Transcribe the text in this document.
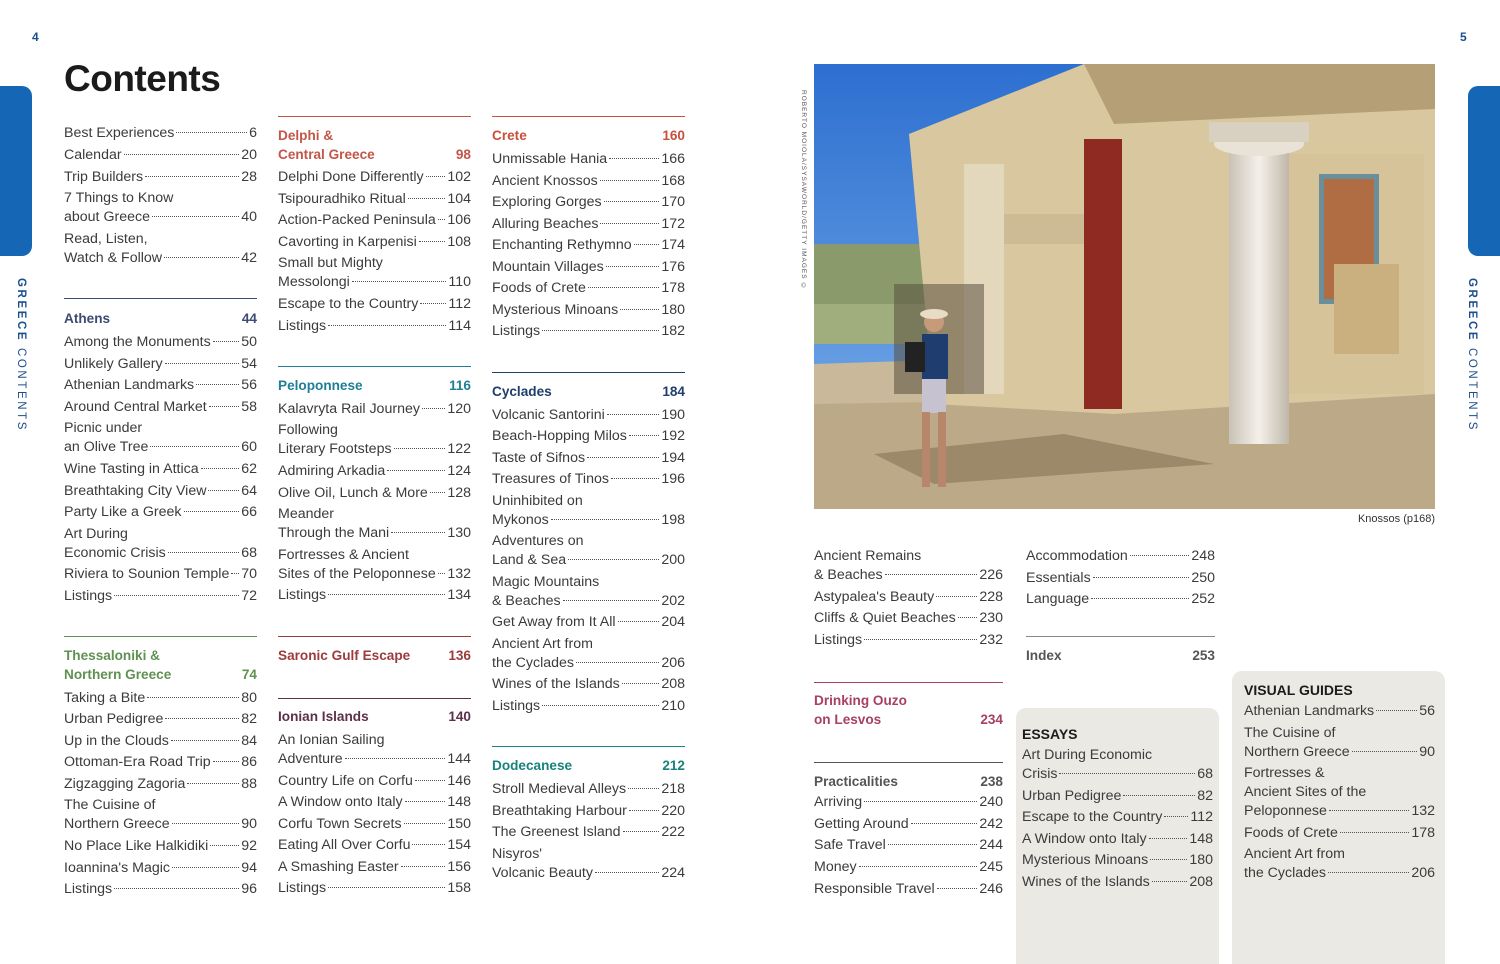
4	5
GREECE CONTENTS
GREECE CONTENTS
Contents
Best Experiences	6
Calendar	20
Trip Builders	28
7 Things to Know
about Greece	40
Read, Listen,
Watch & Follow	42
Athens	44
Among the Monuments 50
Unlikely Gallery	54
Athenian Landmarks	56
Around Central Market 58
Picnic under
an Olive Tree	60
Wine Tasting in Attica	62
Breathtaking City View 64
Party Like a Greek	66
Art During
Economic Crisis	68
Riviera to Sounion Temple 70
Listings	72
Thessaloniki &
Northern Greece	74
Taking a Bite	80
Urban Pedigree	82
Up in the Clouds	84
Ottoman-Era Road Trip 86
Zigzagging Zagoria	88
The Cuisine of
Northern Greece	90
No Place Like Halkidiki 92
Ioannina's Magic	94
Listings	96
Delphi &
Central Greece	98
Delphi Done Differently 102
Tsipouradhiko Ritual	104
Action-Packed Peninsula 106
Cavorting in Karpenisi 108
Small but Mighty
Messolongi	110
Escape to the Country 112
Listings	114
Peloponnese	116
Kalavryta Rail Journey 120
Following
Literary Footsteps	122
Admiring Arkadia	124
Olive Oil, Lunch & More 128
Meander
Through the Mani	130
Fortresses & Ancient
Sites of the Peloponnese 132
Listings	134
Saronic Gulf Escape	136
Ionian Islands	140
An Ionian Sailing
Adventure	144
Country Life on Corfu 146
A Window onto Italy	148
Corfu Town Secrets	150
Eating All Over Corfu	154
A Smashing Easter	156
Listings	158
Crete	160
Unmissable Hania	166
Ancient Knossos	168
Exploring Gorges	170
Alluring Beaches	172
Enchanting Rethymno 174
Mountain Villages	176
Foods of Crete	178
Mysterious Minoans	180
Listings	182
Cyclades	184
Volcanic Santorini	190
Beach-Hopping Milos 192
Taste of Sifnos	194
Treasures of Tinos	196
Uninhibited on
Mykonos	198
Adventures on
Land & Sea	200
Magic Mountains
& Beaches	202
Get Away from It All	204
Ancient Art from
the Cyclades	206
Wines of the Islands	208
Listings	210
Dodecanese	212
Stroll Medieval Alleys 218
Breathtaking Harbour 220
The Greenest Island	222
Nisyros'
Volcanic Beauty	224
ROBERTO MOIOLA/SYSAWORLD/GETTY IMAGES ©
Knossos (p168)
Ancient Remains
& Beaches	226
Astypalea's Beauty	228
Cliffs & Quiet Beaches 230
Listings	232
Drinking Ouzo
on Lesvos	234
Practicalities	238
Arriving	240
Getting Around	242
Safe Travel	244
Money	245
Responsible Travel	246
Accommodation	248
Essentials	250
Language	252
Index	253
ESSAYS
Art During Economic
Crisis	68
Urban Pedigree	82
Escape to the Country 112
A Window onto Italy	148
Mysterious Minoans	180
Wines of the Islands	208
VISUAL GUIDES
Athenian Landmarks	56
The Cuisine of
Northern Greece	90
Fortresses &
Ancient Sites of the
Peloponnese	132
Foods of Crete	178
Ancient Art from
the Cyclades	206
